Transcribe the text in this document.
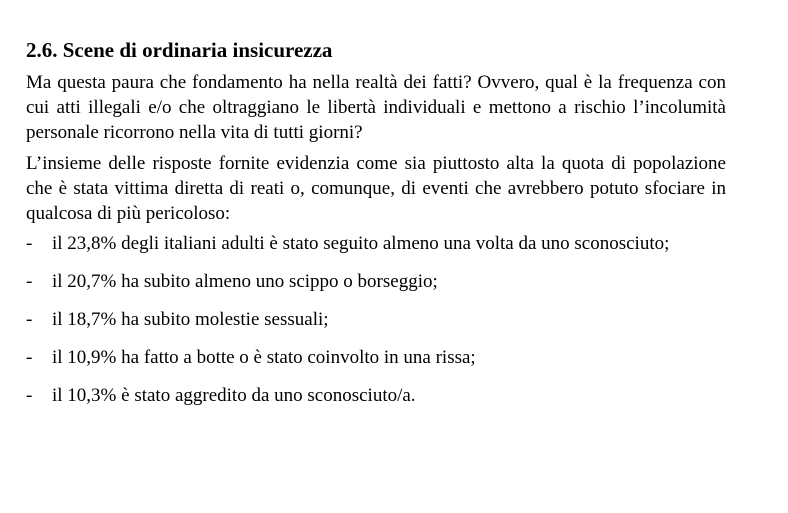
2.6. Scene di ordinaria insicurezza

Ma questa paura che fondamento ha nella realtà dei fatti? Ovvero, qual è la frequenza con cui atti illegali e/o che oltraggiano le libertà individuali e mettono a rischio l’incolumità personale ricorrono nella vita di tutti giorni?

L’insieme delle risposte fornite evidenzia come sia piuttosto alta la quota di popolazione che è stata vittima diretta di reati o, comunque, di eventi che avrebbero potuto sfociare in qualcosa di più pericoloso:

- il 23,8% degli italiani adulti è stato seguito almeno una volta da uno sconosciuto;
- il 20,7% ha subito almeno uno scippo o borseggio;
- il 18,7% ha subito molestie sessuali;
- il 10,9% ha fatto a botte o è stato coinvolto in una rissa;
- il 10,3% è stato aggredito da uno sconosciuto/a.
